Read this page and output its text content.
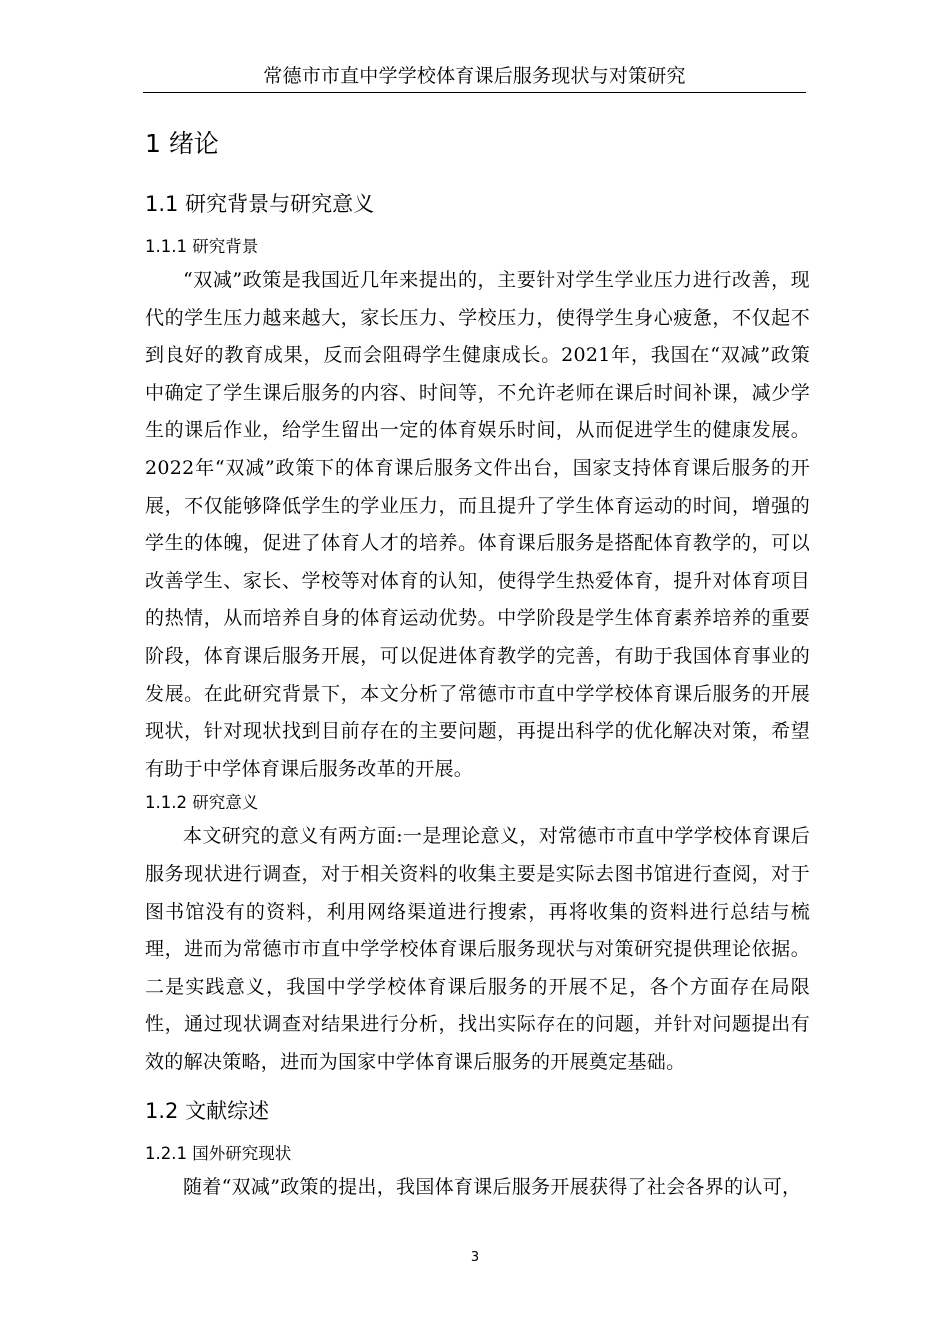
常德市市直中学学校体育课后服务现状与对策研究
1 绪论
1.1 研究背景与研究意义
1.1.1 研究背景

“双减”政策是我国近几年来提出的，主要针对学生学业压力进行改善，现代的学生压力越来越大，家长压力、学校压力，使得学生身心疲惫，不仅起不到良好的教育成果，反而会阻碍学生健康成长。2021年，我国在“双减”政策中确定了学生课后服务的内容、时间等，不允许老师在课后时间补课，减少学生的课后作业，给学生留出一定的体育娱乐时间，从而促进学生的健康发展。2022年“双减”政策下的体育课后服务文件出台，国家支持体育课后服务的开展，不仅能够降低学生的学业压力，而且提升了学生体育运动的时间，增强的学生的体魄，促进了体育人才的培养。体育课后服务是搭配体育教学的，可以改善学生、家长、学校等对体育的认知，使得学生热爱体育，提升对体育项目的热情，从而培养自身的体育运动优势。中学阶段是学生体育素养培养的重要阶段，体育课后服务开展，可以促进体育教学的完善，有助于我国体育事业的发展。在此研究背景下，本文分析了常德市市直中学学校体育课后服务的开展现状，针对现状找到目前存在的主要问题，再提出科学的优化解决对策，希望有助于中学体育课后服务改革的开展。

1.1.2 研究意义

本文研究的意义有两方面:一是理论意义，对常德市市直中学学校体育课后服务现状进行调查，对于相关资料的收集主要是实际去图书馆进行查阅，对于图书馆没有的资料，利用网络渠道进行搜索，再将收集的资料进行总结与梳理，进而为常德市市直中学学校体育课后服务现状与对策研究提供理论依据。二是实践意义，我国中学学校体育课后服务的开展不足，各个方面存在局限性，通过现状调查对结果进行分析，找出实际存在的问题，并针对问题提出有效的解决策略，进而为国家中学体育课后服务的开展奠定基础。

1.2 文献综述
1.2.1 国外研究现状

随着“双减”政策的提出，我国体育课后服务开展获得了社会各界的认可，

3
